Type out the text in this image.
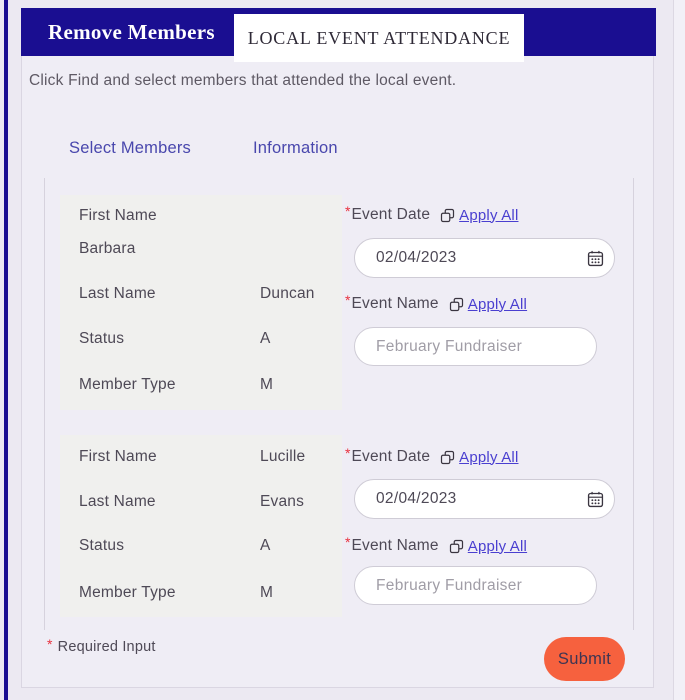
Remove Members LOCAL EVENT ATTENDANCE
Click Find and select members that attended the local event.
Select Members	Information
First Name
Barbara
Last Name	Duncan
Status	A
Member Type	M
* Event Date Apply All
02/04/2023
* Event Name Apply All
February Fundraiser
First Name	Lucille
Last Name	Evans
Status	A
Member Type	M
* Event Date Apply All
02/04/2023
* Event Name Apply All
February Fundraiser
* Required Input
Submit
